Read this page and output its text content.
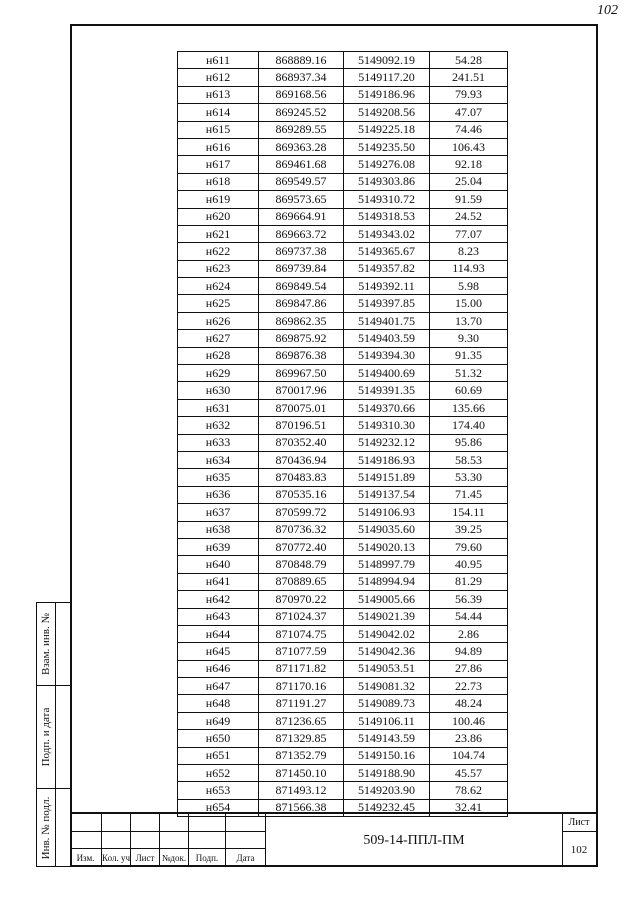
102
Взам. инв. №
Подп. и дата
Инв. № подл.
н611	868889.16	5149092.19	54.28
н612	868937.34	5149117.20	241.51
н613	869168.56	5149186.96	79.93
н614	869245.52	5149208.56	47.07
н615	869289.55	5149225.18	74.46
н616	869363.28	5149235.50	106.43
н617	869461.68	5149276.08	92.18
н618	869549.57	5149303.86	25.04
н619	869573.65	5149310.72	91.59
н620	869664.91	5149318.53	24.52
н621	869663.72	5149343.02	77.07
н622	869737.38	5149365.67	8.23
н623	869739.84	5149357.82	114.93
н624	869849.54	5149392.11	5.98
н625	869847.86	5149397.85	15.00
н626	869862.35	5149401.75	13.70
н627	869875.92	5149403.59	9.30
н628	869876.38	5149394.30	91.35
н629	869967.50	5149400.69	51.32
н630	870017.96	5149391.35	60.69
н631	870075.01	5149370.66	135.66
н632	870196.51	5149310.30	174.40
н633	870352.40	5149232.12	95.86
н634	870436.94	5149186.93	58.53
н635	870483.83	5149151.89	53.30
н636	870535.16	5149137.54	71.45
н637	870599.72	5149106.93	154.11
н638	870736.32	5149035.60	39.25
н639	870772.40	5149020.13	79.60
н640	870848.79	5148997.79	40.95
н641	870889.65	5148994.94	81.29
н642	870970.22	5149005.66	56.39
н643	871024.37	5149021.39	54.44
н644	871074.75	5149042.02	2.86
н645	871077.59	5149042.36	94.89
н646	871171.82	5149053.51	27.86
н647	871170.16	5149081.32	22.73
н648	871191.27	5149089.73	48.24
н649	871236.65	5149106.11	100.46
н650	871329.85	5149143.59	23.86
н651	871352.79	5149150.16	104.74
н652	871450.10	5149188.90	45.57
н653	871493.12	5149203.90	78.62
н654	871566.38	5149232.45	32.41
Изм. Кол. уч Лист №док.	Подп.	Дата
509-14-ППЛ-ПМ
Лист
102
